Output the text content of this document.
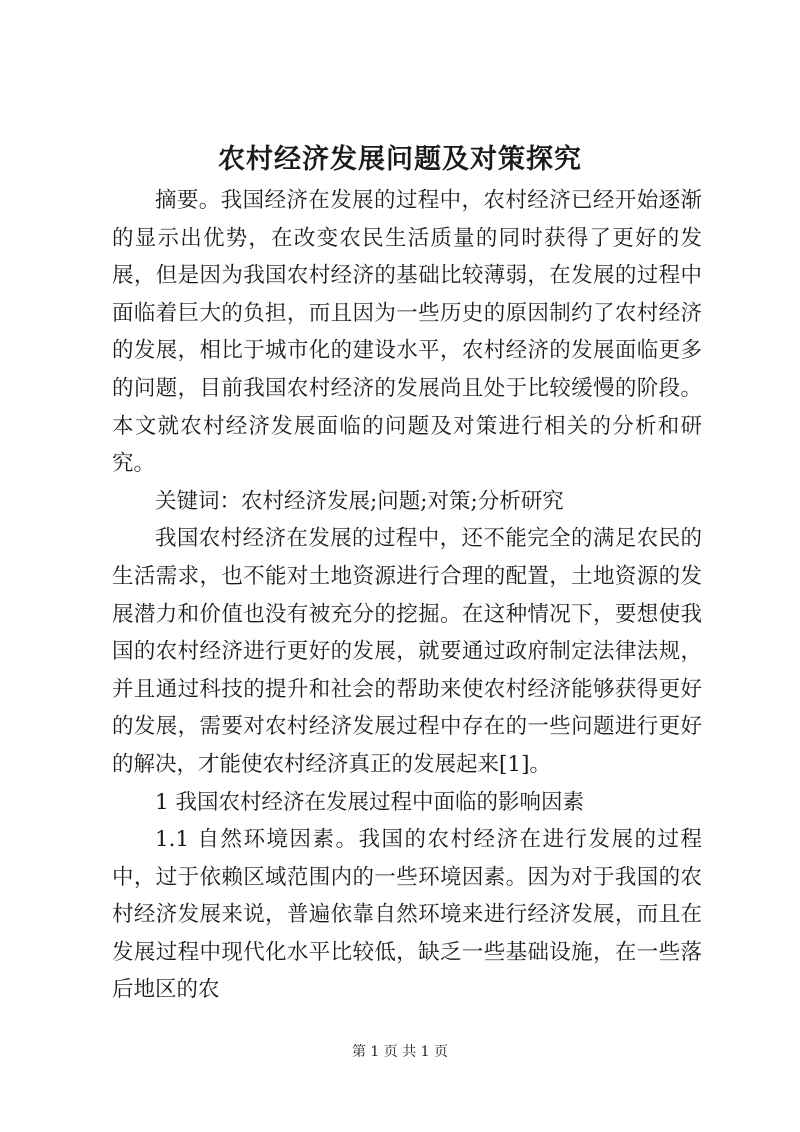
农村经济发展问题及对策探究

摘要。我国经济在发展的过程中，农村经济已经开始逐渐的显示出优势，在改变农民生活质量的同时获得了更好的发展，但是因为我国农村经济的基础比较薄弱，在发展的过程中面临着巨大的负担，而且因为一些历史的原因制约了农村经济的发展，相比于城市化的建设水平，农村经济的发展面临更多的问题，目前我国农村经济的发展尚且处于比较缓慢的阶段。本文就农村经济发展面临的问题及对策进行相关的分析和研究。

关键词：农村经济发展;问题;对策;分析研究

我国农村经济在发展的过程中，还不能完全的满足农民的生活需求，也不能对土地资源进行合理的配置，土地资源的发展潜力和价值也没有被充分的挖掘。在这种情况下，要想使我国的农村经济进行更好的发展，就要通过政府制定法律法规，并且通过科技的提升和社会的帮助来使农村经济能够获得更好的发展，需要对农村经济发展过程中存在的一些问题进行更好的解决，才能使农村经济真正的发展起来[1]。

1 我国农村经济在发展过程中面临的影响因素

1.1 自然环境因素。我国的农村经济在进行发展的过程中，过于依赖区域范围内的一些环境因素。因为对于我国的农村经济发展来说，普遍依靠自然环境来进行经济发展，而且在发展过程中现代化水平比较低，缺乏一些基础设施，在一些落后地区的农

第 1 页 共 1 页
